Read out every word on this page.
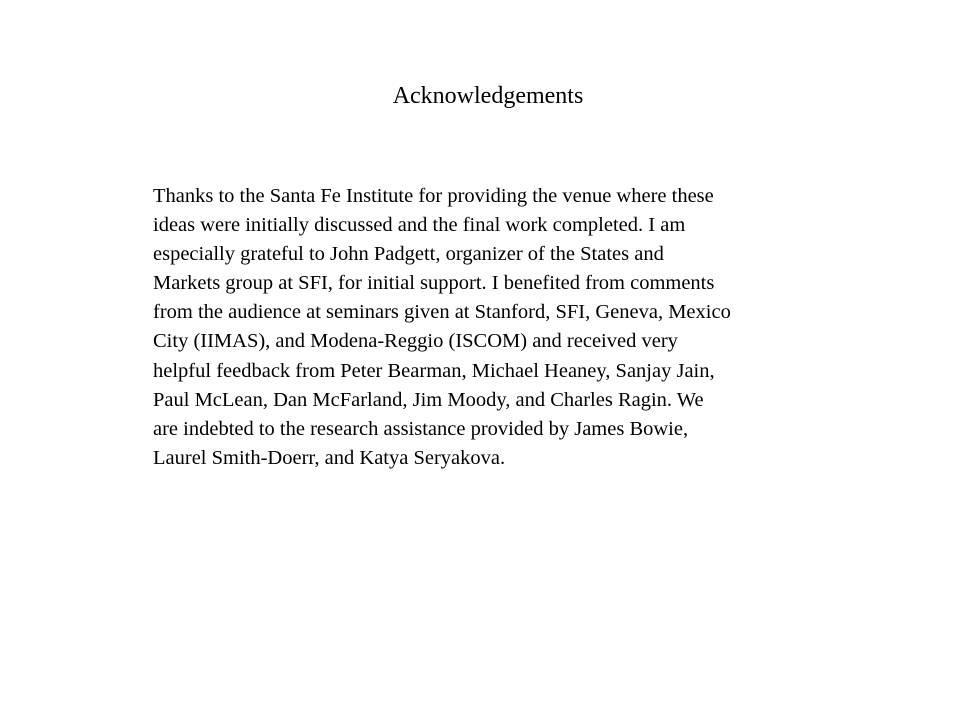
Acknowledgements

Thanks to the Santa Fe Institute for providing the venue where these
ideas were initially discussed and the final work completed. I am
especially grateful to John Padgett, organizer of the States and
Markets group at SFI, for initial support. I benefited from comments
from the audience at seminars given at Stanford, SFI, Geneva, Mexico
City (IIMAS), and Modena-Reggio (ISCOM) and received very
helpful feedback from Peter Bearman, Michael Heaney, Sanjay Jain,
Paul McLean, Dan McFarland, Jim Moody, and Charles Ragin. We
are indebted to the research assistance provided by James Bowie,
Laurel Smith-Doerr, and Katya Seryakova.
